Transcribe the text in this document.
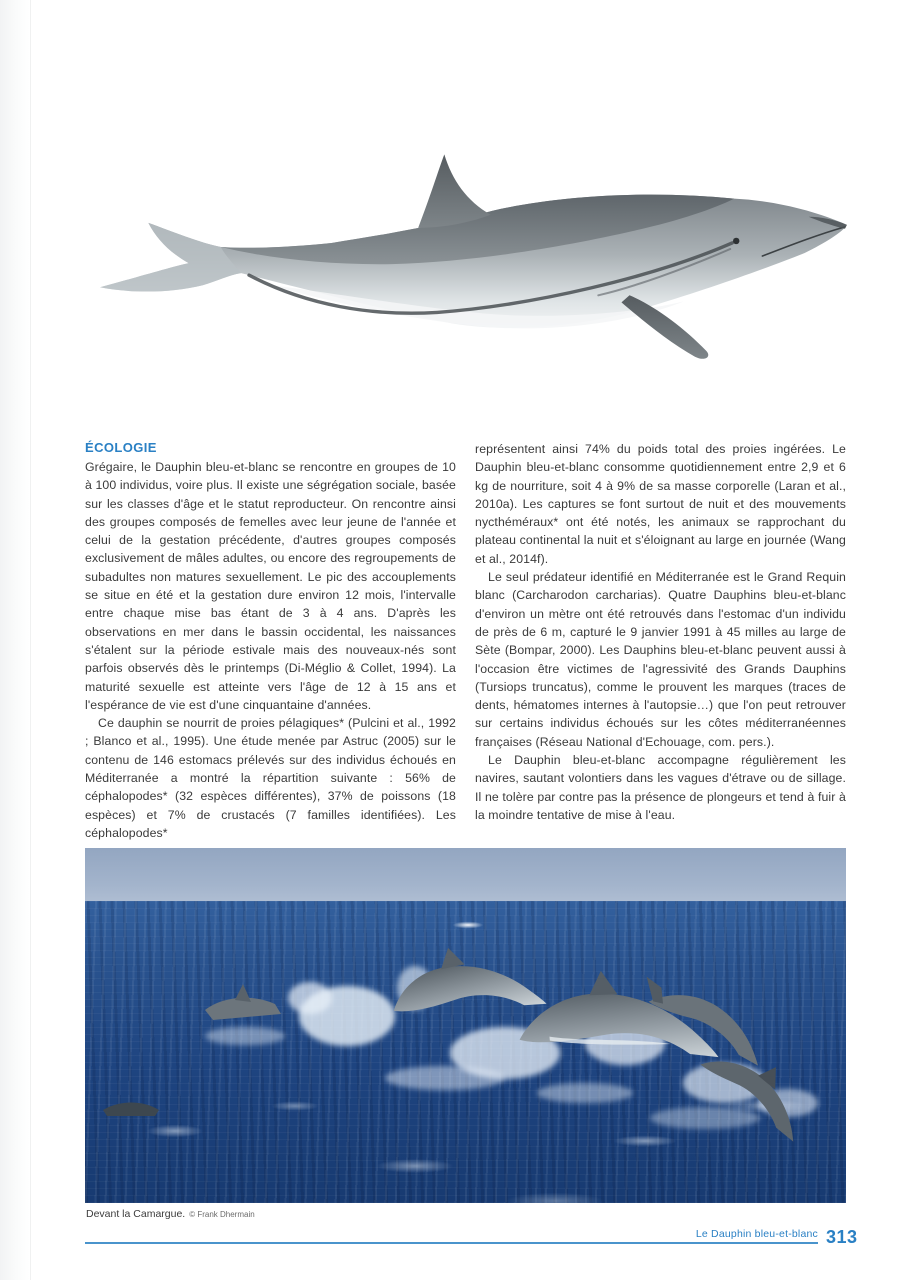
ÉCOLOGIE

Grégaire, le Dauphin bleu-et-blanc se rencontre en groupes de 10 à 100 individus, voire plus. Il existe une ségrégation sociale, basée sur les classes d'âge et le statut reproducteur. On rencontre ainsi des groupes composés de femelles avec leur jeune de l'année et celui de la gestation précédente, d'autres groupes composés exclusivement de mâles adultes, ou encore des regroupements de subadultes non matures sexuellement. Le pic des accouplements se situe en été et la gestation dure environ 12 mois, l'intervalle entre chaque mise bas étant de 3 à 4 ans. D'après les observations en mer dans le bassin occidental, les naissances s'étalent sur la période estivale mais des nouveaux-nés sont parfois observés dès le printemps (Di-Méglio & Collet, 1994). La maturité sexuelle est atteinte vers l'âge de 12 à 15 ans et l'espérance de vie est d'une cinquantaine d'années.

Ce dauphin se nourrit de proies pélagiques* (Pulcini et al., 1992 ; Blanco et al., 1995). Une étude menée par Astruc (2005) sur le contenu de 146 estomacs prélevés sur des individus échoués en Méditerranée a montré la répartition suivante : 56% de céphalopodes* (32 espèces différentes), 37% de poissons (18 espèces) et 7% de crustacés (7 familles identifiées). Les céphalopodes*

représentent ainsi 74% du poids total des proies ingérées. Le Dauphin bleu-et-blanc consomme quotidiennement entre 2,9 et 6 kg de nourriture, soit 4 à 9% de sa masse corporelle (Laran et al., 2010a). Les captures se font surtout de nuit et des mouvements nycthéméraux* ont été notés, les animaux se rapprochant du plateau continental la nuit et s'éloignant au large en journée (Wang et al., 2014f).

Le seul prédateur identifié en Méditerranée est le Grand Requin blanc (Carcharodon carcharias). Quatre Dauphins bleu-et-blanc d'environ un mètre ont été retrouvés dans l'estomac d'un individu de près de 6 m, capturé le 9 janvier 1991 à 45 milles au large de Sète (Bompar, 2000). Les Dauphins bleu-et-blanc peuvent aussi à l'occasion être victimes de l'agressivité des Grands Dauphins (Tursiops truncatus), comme le prouvent les marques (traces de dents, hématomes internes à l'autopsie…) que l'on peut retrouver sur certains individus échoués sur les côtes méditerranéennes françaises (Réseau National d'Echouage, com. pers.).

Le Dauphin bleu-et-blanc accompagne régulièrement les navires, sautant volontiers dans les vagues d'étrave ou de sillage. Il ne tolère par contre pas la présence de plongeurs et tend à fuir à la moindre tentative de mise à l'eau.

Devant la Camargue. © Frank Dhermain
Le Dauphin bleu-et-blanc 313
